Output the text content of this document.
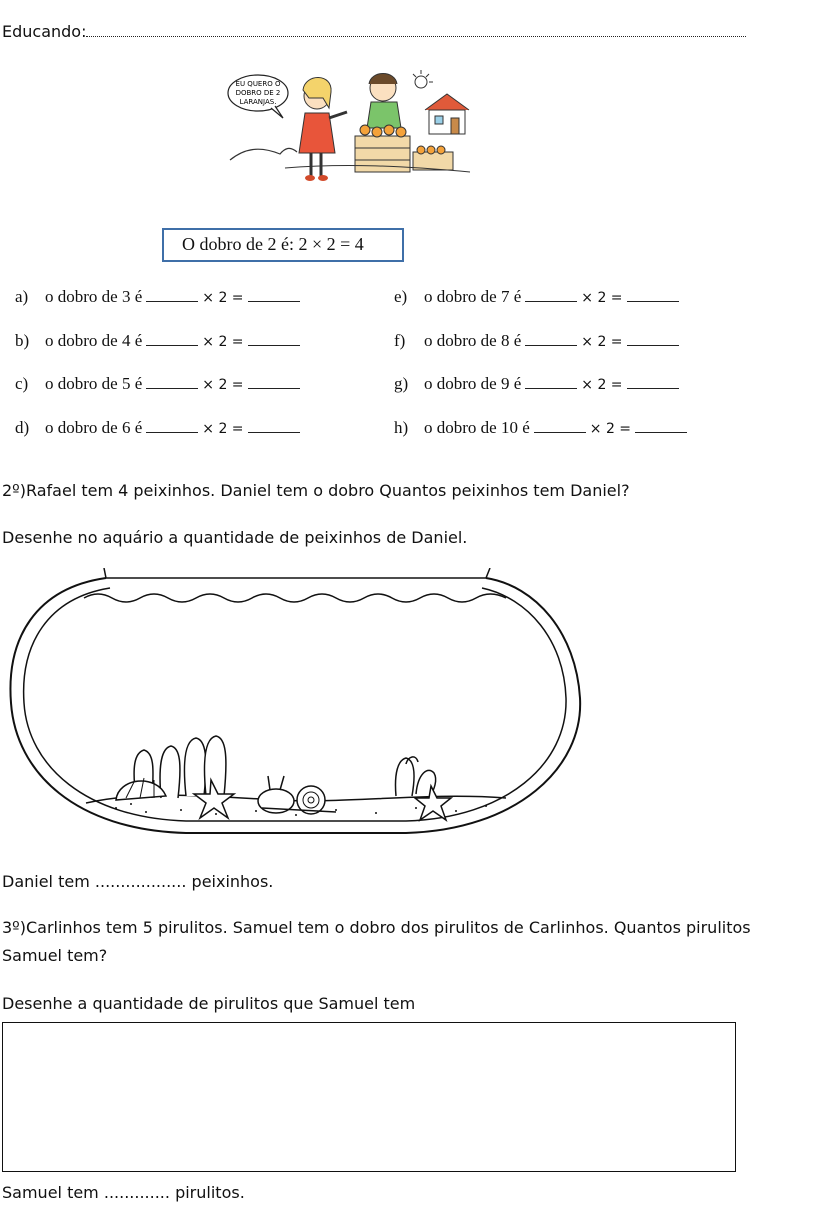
Educando:
EU QUERO O
DOBRO DE 2
LARANJAS.
O dobro de 2 é: 2 × 2 = 4
a) o dobro de 3 é	× 2 =
b) o dobro de 4 é	× 2 =
c) o dobro de 5 é	× 2 =
d) o dobro de 6 é	× 2 =
e) o dobro de 7 é	× 2 =
f) o dobro de 8 é	× 2 =
g) o dobro de 9 é	× 2 =
h) o dobro de 10 é	× 2 =
2º)Rafael tem 4 peixinhos. Daniel tem o dobro Quantos peixinhos tem Daniel?
Desenhe no aquário a quantidade de peixinhos de Daniel.
Daniel tem .................. peixinhos.
3º)Carlinhos tem 5 pirulitos. Samuel tem o dobro dos pirulitos de Carlinhos. Quantos pirulitos
Samuel tem?
Desenhe a quantidade de pirulitos que Samuel tem
Samuel tem ............. pirulitos.
